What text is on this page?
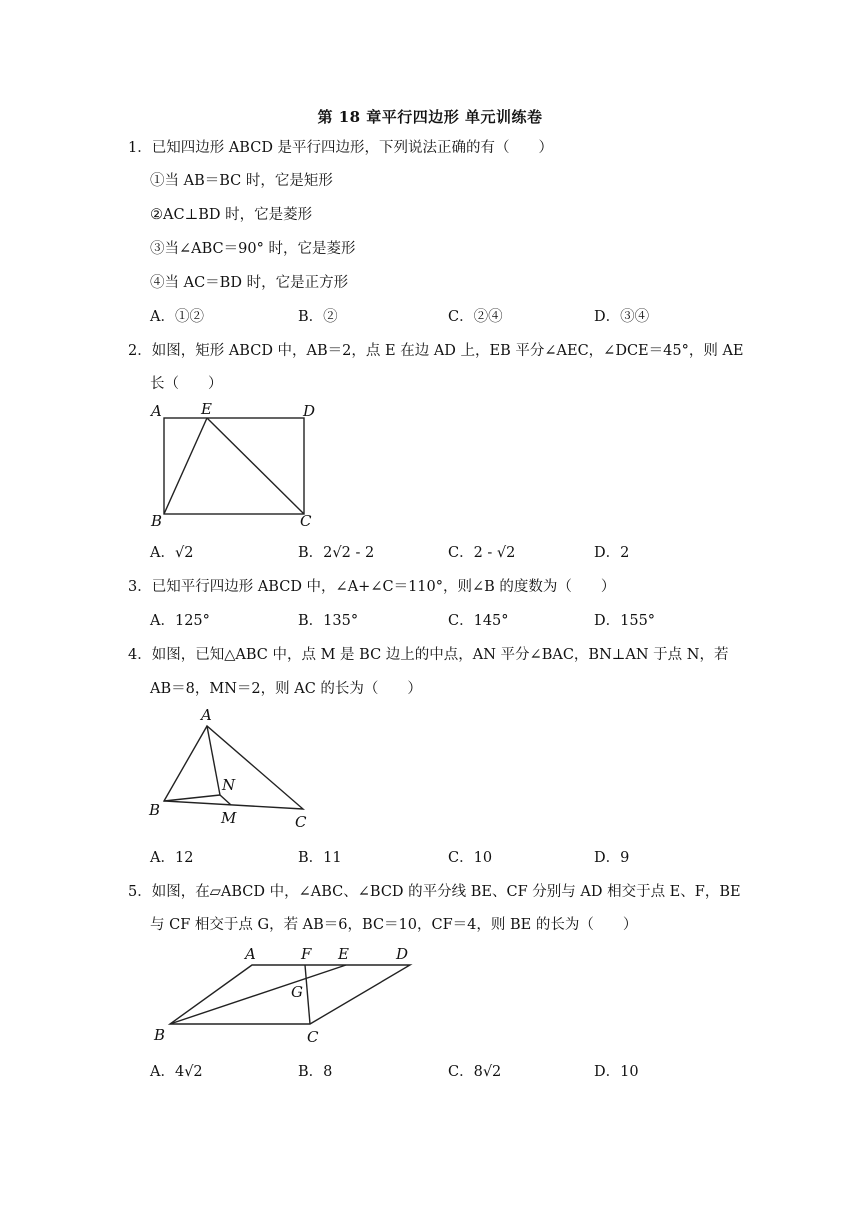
第 18 章平行四边形 单元训练卷
1．已知四边形 ABCD 是平行四边形，下列说法正确的有（　　）
①当 AB＝BC 时，它是矩形
②AC⊥BD 时，它是菱形
③当∠ABC＝90° 时，它是菱形
④当 AC＝BD 时，它是正方形
A．①②	B．②	C．②④	D．③④
2．如图，矩形 ABCD 中，AB＝2，点 E 在边 AD 上，EB 平分∠AEC，∠DCE＝45°，则 AE
长（　　）
A	E	D
B	C
A．√2	B．2√2 - 2	C．2 - √2	D．2
3．已知平行四边形 ABCD 中，∠A+∠C＝110°，则∠B 的度数为（　　）
A．125°	B．135°	C．145°	D．155°
4．如图，已知△ABC 中，点 M 是 BC 边上的中点，AN 平分∠BAC，BN⊥AN 于点 N，若
AB＝8，MN＝2，则 AC 的长为（　　）
A
B
C
N
M
A．12	B．11	C．10	D．9
5．如图，在▱ABCD 中，∠ABC、∠BCD 的平分线 BE、CF 分别与 AD 相交于点 E、F，BE
与 CF 相交于点 G，若 AB＝6，BC＝10，CF＝4，则 BE 的长为（　　）
A	F E	D
G
B	C
A．4√2	B．8	C．8√2	D．10
